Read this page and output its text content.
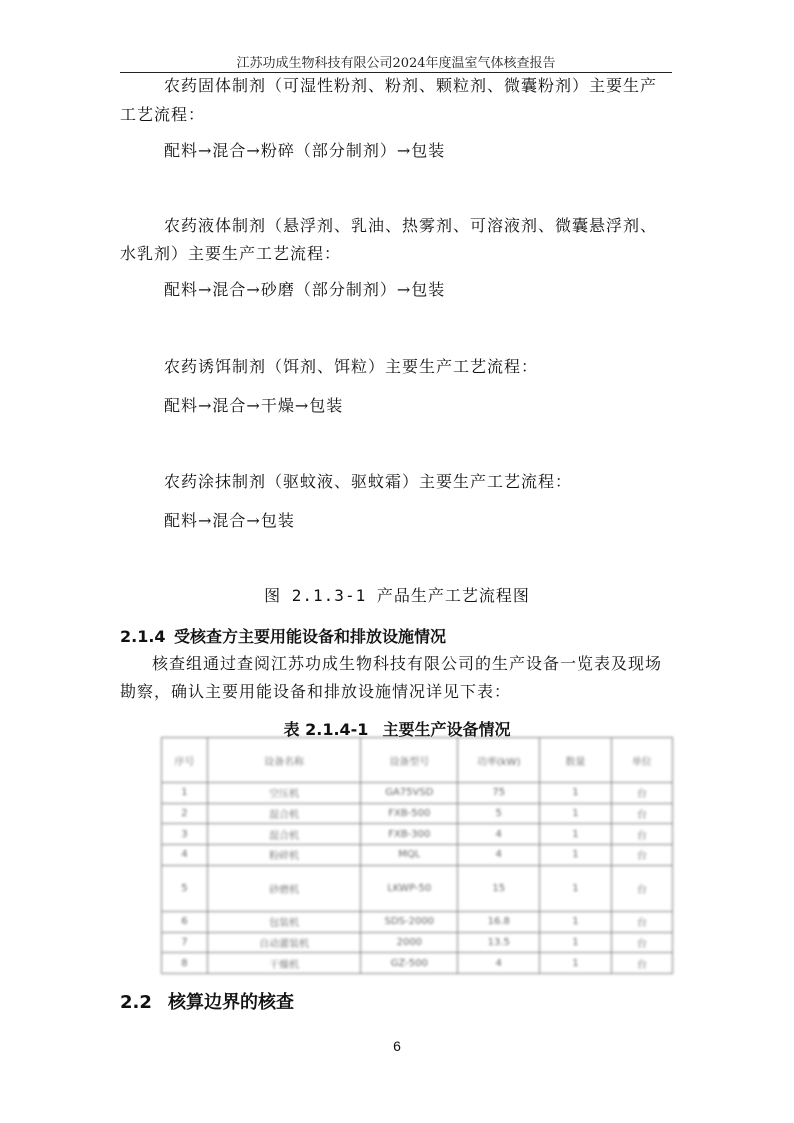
江苏功成生物科技有限公司2024年度温室气体核查报告
农药固体制剂（可湿性粉剂、粉剂、颗粒剂、微囊粉剂）主要生产
工艺流程：
配料→混合→粉碎（部分制剂）→包装
农药液体制剂（悬浮剂、乳油、热雾剂、可溶液剂、微囊悬浮剂、
水乳剂）主要生产工艺流程：
配料→混合→砂磨（部分制剂）→包装
农药诱饵制剂（饵剂、饵粒）主要生产工艺流程：
配料→混合→干燥→包装
农药涂抹制剂（驱蚊液、驱蚊霜）主要生产工艺流程：
配料→混合→包装
图 2.1.3-1 产品生产工艺流程图
2.1.4 受核查方主要用能设备和排放设施情况
核查组通过查阅江苏功成生物科技有限公司的生产设备一览表及现场
勘察，确认主要用能设备和排放设施情况详见下表：
表 2.1.4-1 主要生产设备情况
序号	设备名称	设备型号	功率(kW)	数量	单位
1	空压机	GA75VSD	75	1	台
2	混合机	FXB-500	5	1	台
3	混合机	FXB-300	4	1	台
4	粉碎机	MQL	4	1	台
5	砂磨机	LKWP-50	15	1	台
6	包装机	SDS-2000	16.8	1	台
7	自动灌装机	2000	13.5	1	台
8	干燥机	GZ-500	4	1	台
2.2 核算边界的核查
6
